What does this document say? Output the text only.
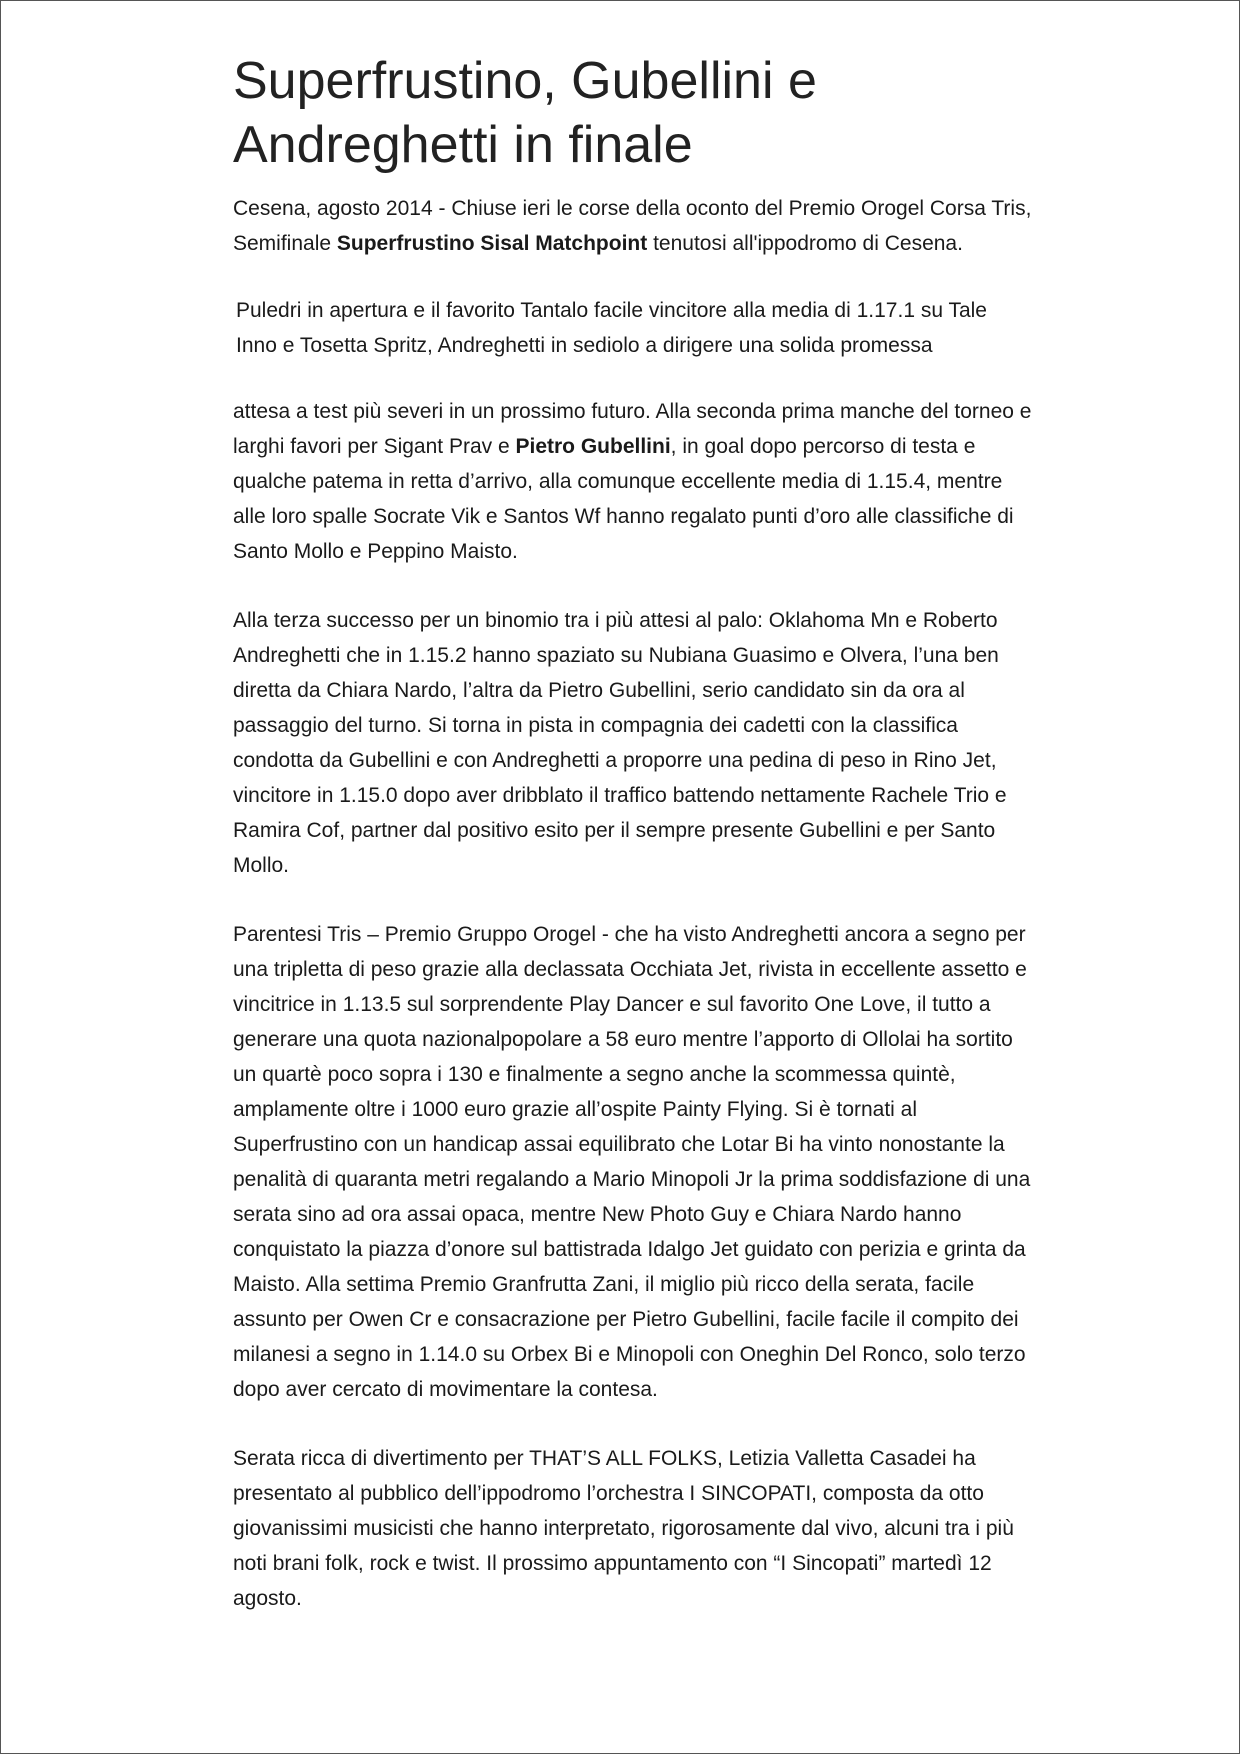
Superfrustino, Gubellini e
Andreghetti in finale

Cesena, agosto 2014 - Chiuse ieri le corse della oconto del Premio Orogel Corsa Tris, Semifinale Superfrustino Sisal Matchpoint tenutosi all'ippodromo di Cesena.

Puledri in apertura e il favorito Tantalo facile vincitore alla media di 1.17.1 su Tale Inno e Tosetta Spritz, Andreghetti in sediolo a dirigere una solida promessa

attesa a test più severi in un prossimo futuro. Alla seconda prima manche del torneo e larghi favori per Sigant Prav e Pietro Gubellini, in goal dopo percorso di testa e qualche patema in retta d’arrivo, alla comunque eccellente media di 1.15.4, mentre alle loro spalle Socrate Vik e Santos Wf hanno regalato punti d’oro alle classifiche di Santo Mollo e Peppino Maisto.

Alla terza successo per un binomio tra i più attesi al palo: Oklahoma Mn e Roberto Andreghetti che in 1.15.2 hanno spaziato su Nubiana Guasimo e Olvera, l’una ben diretta da Chiara Nardo, l’altra da Pietro Gubellini, serio candidato sin da ora al passaggio del turno. Si torna in pista in compagnia dei cadetti con la classifica condotta da Gubellini e con Andreghetti a proporre una pedina di peso in Rino Jet, vincitore in 1.15.0 dopo aver dribblato il traffico battendo nettamente Rachele Trio e Ramira Cof, partner dal positivo esito per il sempre presente Gubellini e per Santo Mollo.

Parentesi Tris – Premio Gruppo Orogel - che ha visto Andreghetti ancora a segno per una tripletta di peso grazie alla declassata Occhiata Jet, rivista in eccellente assetto e vincitrice in 1.13.5 sul sorprendente Play Dancer e sul favorito One Love, il tutto a generare una quota nazionalpopolare a 58 euro mentre l’apporto di Ollolai ha sortito un quartè poco sopra i 130 e finalmente a segno anche la scommessa quintè, amplamente oltre i 1000 euro grazie all’ospite Painty Flying. Si è tornati al Superfrustino con un handicap assai equilibrato che Lotar Bi ha vinto nonostante la penalità di quaranta metri regalando a Mario Minopoli Jr la prima soddisfazione di una serata sino ad ora assai opaca, mentre New Photo Guy e Chiara Nardo hanno conquistato la piazza d’onore sul battistrada Idalgo Jet guidato con perizia e grinta da Maisto. Alla settima Premio Granfrutta Zani, il miglio più ricco della serata, facile assunto per Owen Cr e consacrazione per Pietro Gubellini, facile facile il compito dei milanesi a segno in 1.14.0 su Orbex Bi e Minopoli con Oneghin Del Ronco, solo terzo dopo aver cercato di movimentare la contesa.

Serata ricca di divertimento per THAT’S ALL FOLKS, Letizia Valletta Casadei ha presentato al pubblico dell’ippodromo l’orchestra I SINCOPATI, composta da otto giovanissimi musicisti che hanno interpretato, rigorosamente dal vivo, alcuni tra i più noti brani folk, rock e twist. Il prossimo appuntamento con “I Sincopati” martedì 12 agosto.
